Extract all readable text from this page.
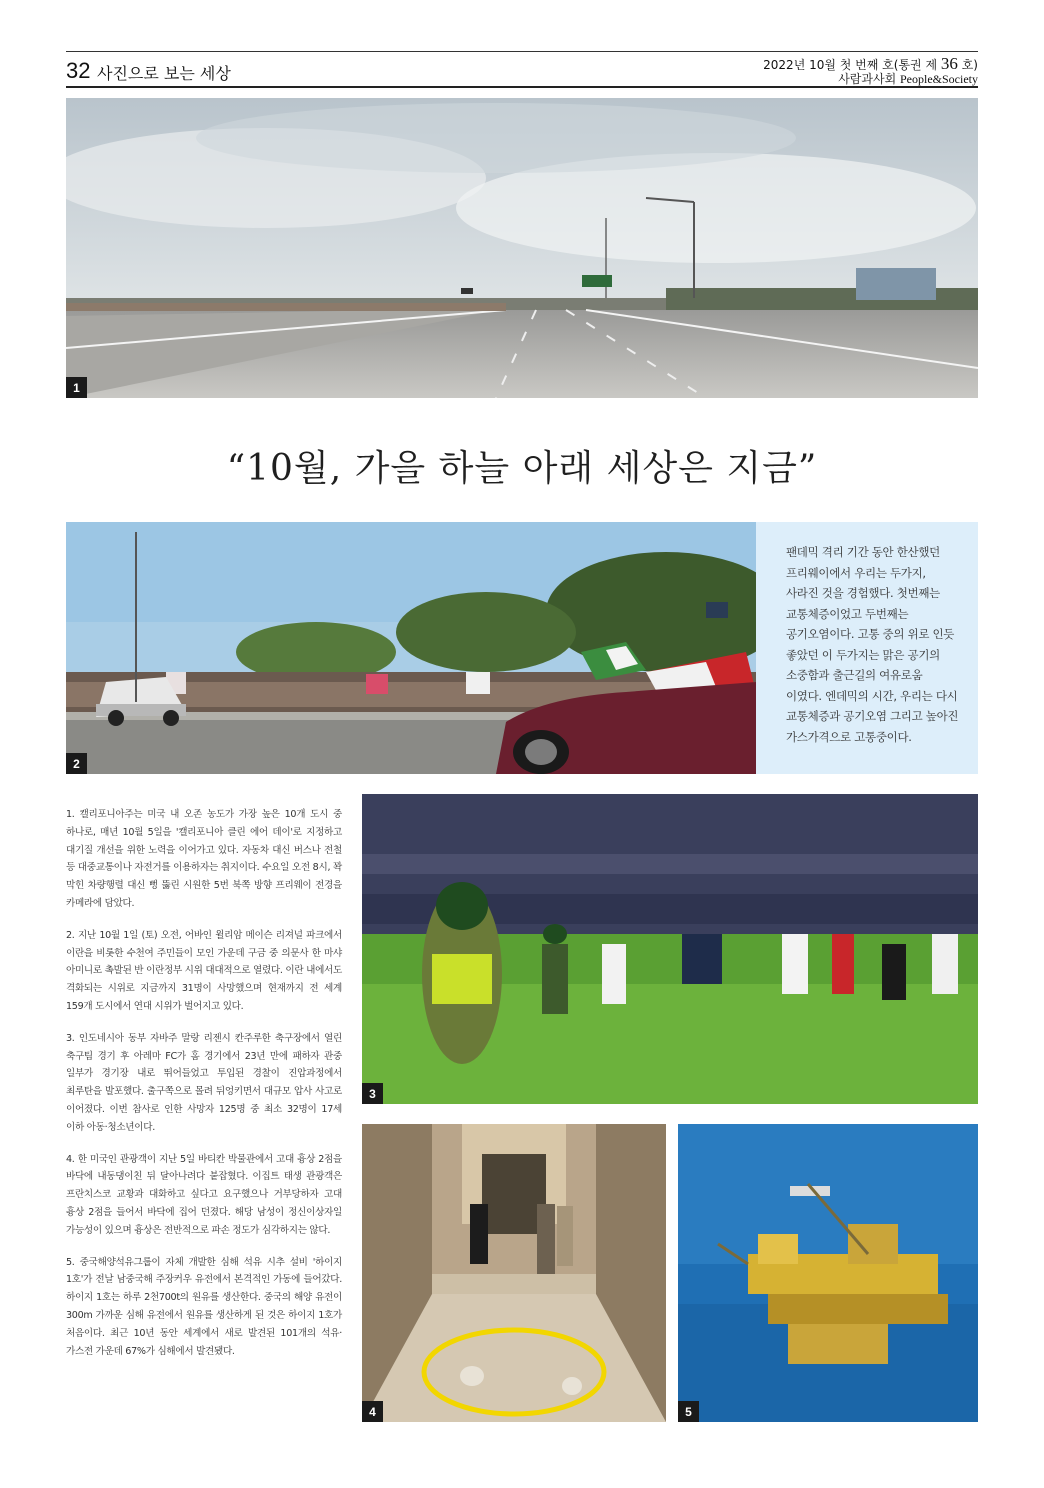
32 사진으로 보는 세상	2022년 10월 첫 번째 호(통권 제 36 호)
사람과사회 People&Society
1
“10월, 가을 하늘 아래 세상은 지금”
2

팬데믹 격리 기간 동안 한산했던 프리웨이에서 우리는 두가지, 사라진 것을 경험했다. 첫번째는 교통체증이었고 두번째는 공기오염이다. 고통 중의 위로 인듯 좋았던 이 두가지는 맑은 공기의 소중함과 출근길의 여유로움 이였다. 엔데믹의 시간, 우리는 다시 교통체증과 공기오염 그리고 높아진 가스가격으로 고통중이다.

1. 캘리포니아주는 미국 내 오존 농도가 가장 높은 10개 도시 중 하나로, 매년 10월 5일을 '캘리포니아 클린 에어 데이'로 지정하고 대기질 개선을 위한 노력을 이어가고 있다. 자동차 대신 버스나 전철 등 대중교통이나 자전거를 이용하자는 취지이다. 수요일 오전 8시, 꽉 막힌 차량행렬 대신 뻥 뚫린 시원한 5번 북쪽 방향 프리웨이 전경을 카메라에 담았다.

2. 지난 10월 1일 (토) 오전, 어바인 윌리암 메이슨 리져널 파크에서 이란을 비롯한 수천여 주민들이 모인 가운데 구금 중 의문사 한 마샤 아미니로 촉발된 반 이란정부 시위 대대적으로 열렸다. 이란 내에서도 격화되는 시위로 지금까지 31명이 사망했으며 현재까지 전 세계 159개 도시에서 연대 시위가 벌어지고 있다.

3. 인도네시아 동부 자바주 말랑 리젠시 칸주루한 축구장에서 열린 축구팀 경기 후 아레마 FC가 홈 경기에서 23년 만에 패하자 관중 일부가 경기장 내로 뛰어들었고 투입된 경찰이 진압과정에서 최루탄을 발포했다. 출구쪽으로 몰려 뒤엉키면서 대규모 압사 사고로 이어졌다. 이번 참사로 인한 사망자 125명 중 최소 32명이 17세 이하 아동·청소년이다.

4. 한 미국인 관광객이 지난 5일 바티칸 박물관에서 고대 흉상 2점을 바닥에 내동댕이친 뒤 달아나려다 붙잡혔다. 이집트 태생 관광객은 프란치스코 교황과 대화하고 싶다고 요구했으나 거부당하자 고대 흉상 2점을 들어서 바닥에 집어 던졌다. 해당 남성이 정신이상자일 가능성이 있으며 흉상은 전반적으로 파손 정도가 심각하지는 않다.

5. 중국해양석유그룹이 자체 개발한 심해 석유 시추 설비 '하이지 1호'가 전날 남중국해 주장커우 유전에서 본격적인 가동에 들어갔다. 하이지 1호는 하루 2천700t의 원유를 생산한다. 중국의 해양 유전이 300m 가까운 심해 유전에서 원유를 생산하게 된 것은 하이지 1호가 처음이다. 최근 10년 동안 세계에서 새로 발견된 101개의 석유·가스전 가운데 67%가 심해에서 발견됐다.

3
4	5
